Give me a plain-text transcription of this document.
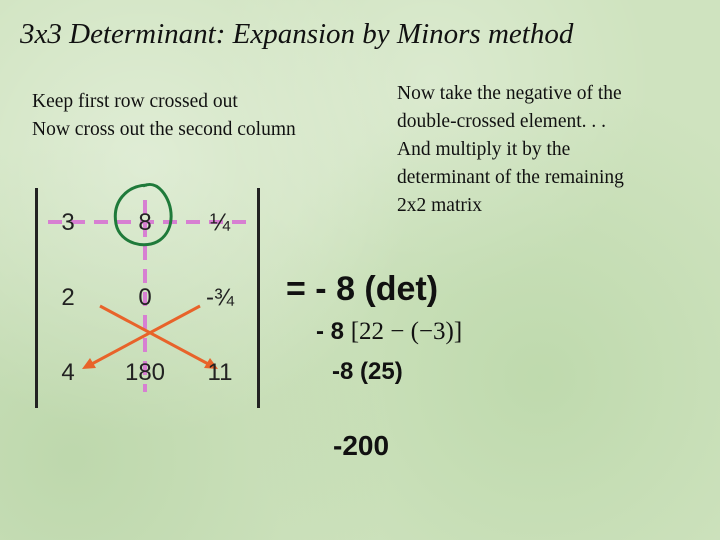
3x3 Determinant: Expansion by Minors method
Keep first row crossed out
Now cross out the second column
Now take the negative of the
double-crossed element. . .
And multiply it by the
determinant of the remaining
2x2 matrix
3	8 ¼
2	0 -¾
4 180 11
= - 8 (det)
- 8 [22 − (−3)]
-8 (25)
-200
